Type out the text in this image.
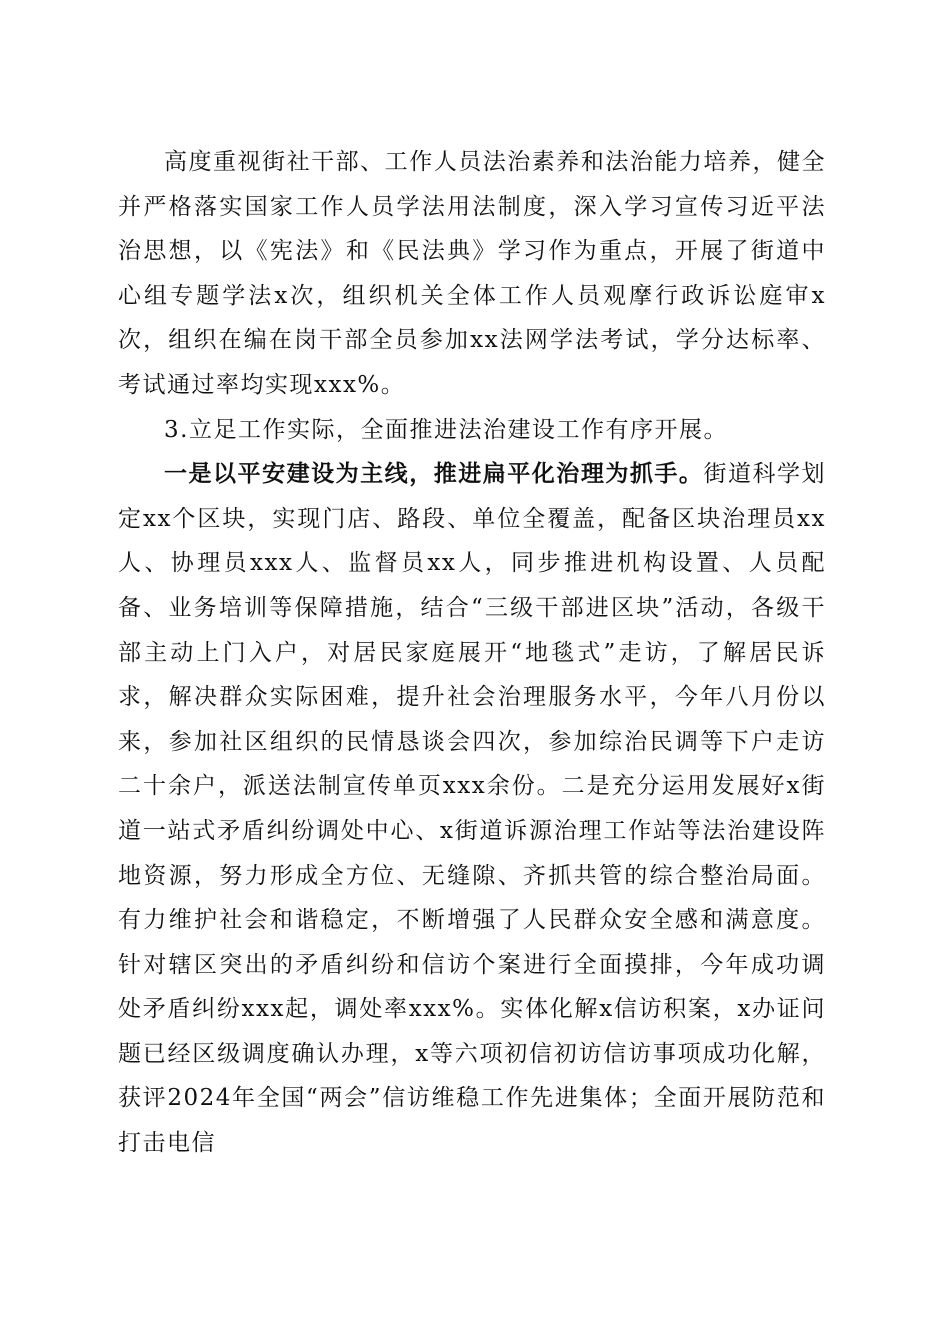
高度重视街社干部、工作人员法治素养和法治能力培养，健全并严格落实国家工作人员学法用法制度，深入学习宣传习近平法治思想，以《宪法》和《民法典》学习作为重点，开展了街道中心组专题学法x次，组织机关全体工作人员观摩行政诉讼庭审x次，组织在编在岗干部全员参加xx法网学法考试，学分达标率、考试通过率均实现xxx%。

3.立足工作实际，全面推进法治建设工作有序开展。

一是以平安建设为主线，推进扁平化治理为抓手。街道科学划定xx个区块，实现门店、路段、单位全覆盖，配备区块治理员xx人、协理员xxx人、监督员xx人，同步推进机构设置、人员配备、业务培训等保障措施，结合“三级干部进区块”活动，各级干部主动上门入户，对居民家庭展开“地毯式”走访，了解居民诉求，解决群众实际困难，提升社会治理服务水平，今年八月份以来，参加社区组织的民情恳谈会四次，参加综治民调等下户走访二十余户，派送法制宣传单页xxx余份。二是充分运用发展好x街道一站式矛盾纠纷调处中心、x街道诉源治理工作站等法治建设阵地资源，努力形成全方位、无缝隙、齐抓共管的综合整治局面。有力维护社会和谐稳定，不断增强了人民群众安全感和满意度。针对辖区突出的矛盾纠纷和信访个案进行全面摸排，今年成功调处矛盾纠纷xxx起，调处率xxx%。实体化解x信访积案，x办证问题已经区级调度确认办理，x等六项初信初访信访事项成功化解，获评2024年全国“两会”信访维稳工作先进集体；全面开展防范和打击电信
